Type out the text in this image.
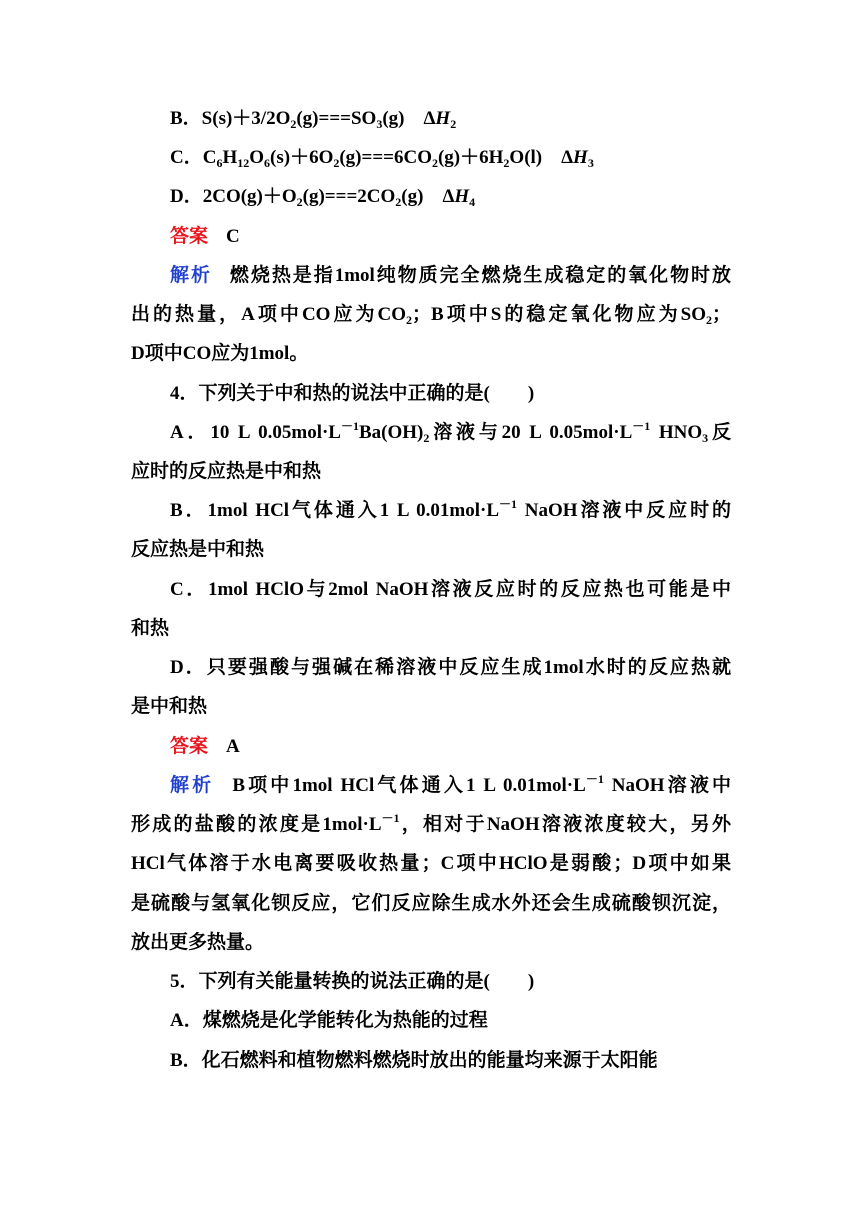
B．$S(s)+3/2O_2(g)===SO_3(g)$　$\Delta H_2$
C．$C_6H_{12}O_6(s)+6O_2(g)===6CO_2(g)+6H_2O(l)$　$\Delta H_3$
D．$2CO(g)+O_2(g)===2CO_2(g)$　$\Delta H_4$
答案 C
解析 燃烧热是指1mol纯物质完全燃烧生成稳定的氧化物时放
出的热量，A项中CO应为$CO_2$；B项中S的稳定氧化物应为$SO_2$；
D项中CO应为1mol。
4．下列关于中和热的说法中正确的是(　　)
A．10 L $0.05mol\cdot L^{-1}Ba(OH)_2$溶液与20 L $0.05mol\cdot L^{-1}$ $HNO_3$反
应时的反应热是中和热
B．1mol HCl气体通入1 L $0.01mol\cdot L^{-1}$ NaOH溶液中反应时的
反应热是中和热
C．1mol HClO与2mol NaOH溶液反应时的反应热也可能是中
和热
D．只要强酸与强碱在稀溶液中反应生成1mol水时的反应热就
是中和热
答案 A
解析 B项中1mol HCl气体通入1 L $0.01mol\cdot L^{-1}$ NaOH溶液中
形成的盐酸的浓度是$1mol\cdot L^{-1}$，相对于NaOH溶液浓度较大，另外
HCl气体溶于水电离要吸收热量；C项中HClO是弱酸；D项中如果
是硫酸与氢氧化钡反应，它们反应除生成水外还会生成硫酸钡沉淀，
放出更多热量。
5．下列有关能量转换的说法正确的是(　　)
A．煤燃烧是化学能转化为热能的过程
B．化石燃料和植物燃料燃烧时放出的能量均来源于太阳能
